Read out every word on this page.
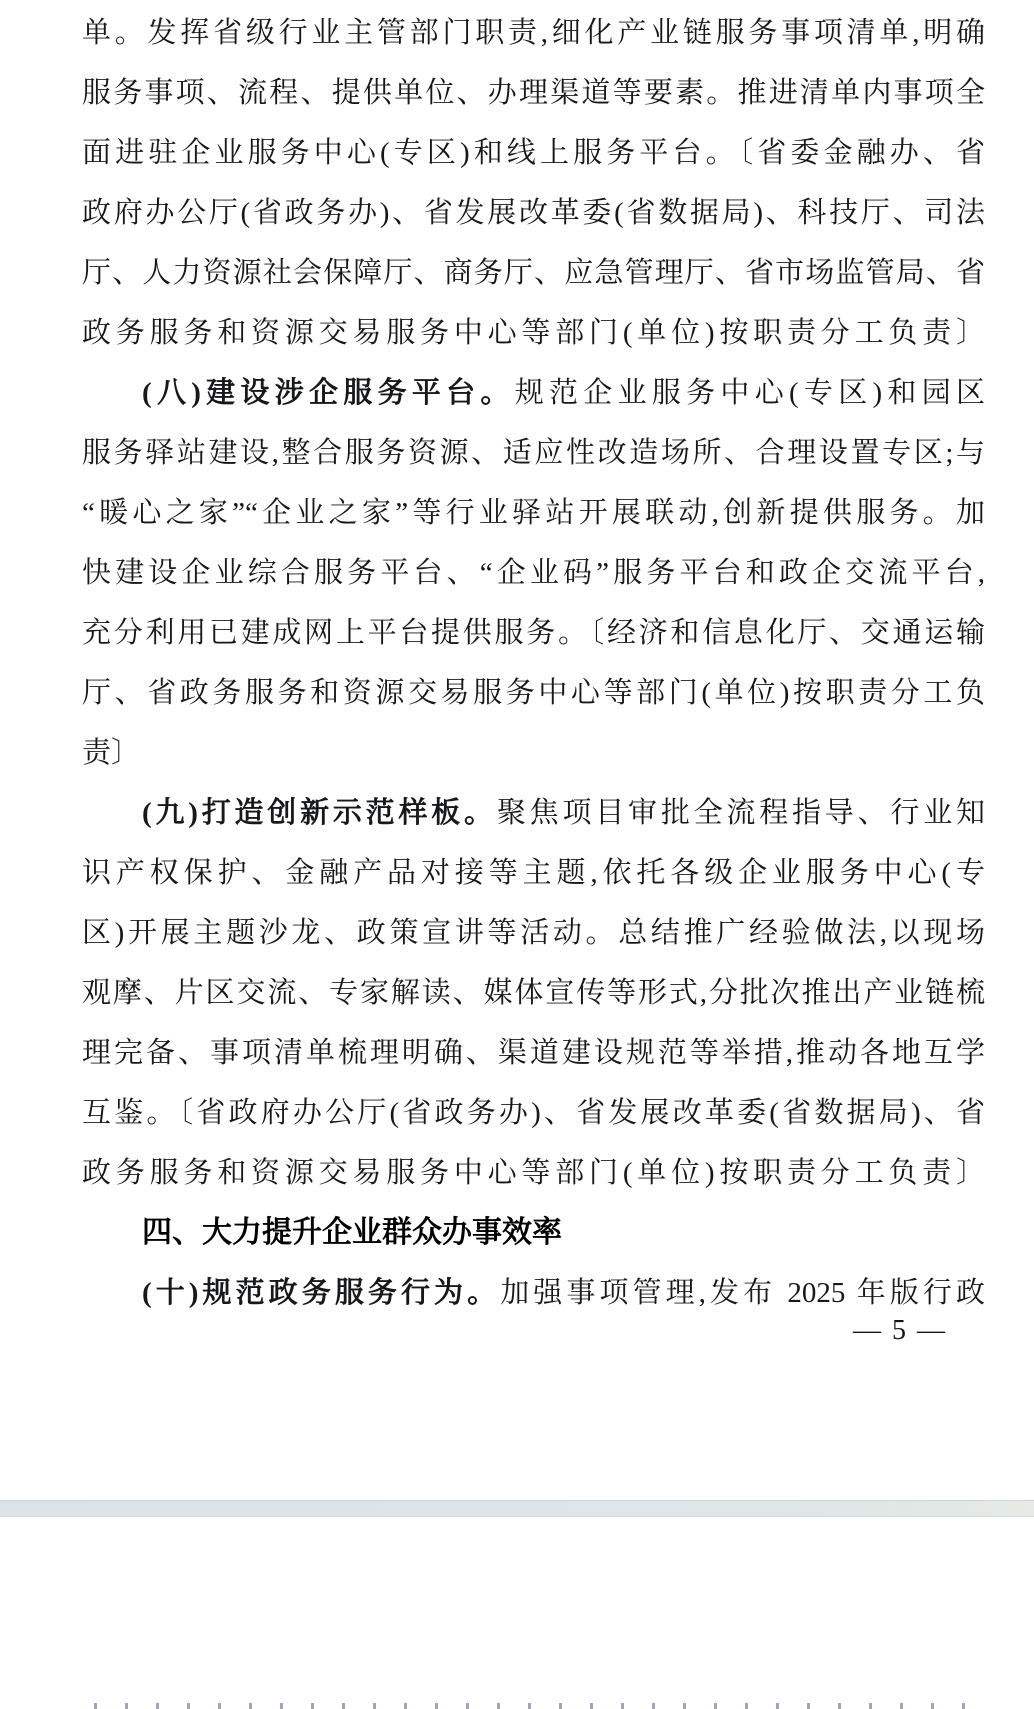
单。发挥省级行业主管部门职责,细化产业链服务事项清单,明确
服务事项、流程、提供单位、办理渠道等要素。推进清单内事项全
面进驻企业服务中心(专区)和线上服务平台。〔省委金融办、省
政府办公厅(省政务办)、省发展改革委(省数据局)、科技厅、司法
厅、人力资源社会保障厅、商务厅、应急管理厅、省市场监管局、省
政务服务和资源交易服务中心等部门(单位)按职责分工负责〕
(八)建设涉企服务平台。规范企业服务中心(专区)和园区
服务驿站建设,整合服务资源、适应性改造场所、合理设置专区;与
“暖心之家”“企业之家”等行业驿站开展联动,创新提供服务。加
快建设企业综合服务平台、“企业码”服务平台和政企交流平台,
充分利用已建成网上平台提供服务。〔经济和信息化厅、交通运输
厅、省政务服务和资源交易服务中心等部门(单位)按职责分工负
责〕
(九)打造创新示范样板。聚焦项目审批全流程指导、行业知
识产权保护、金融产品对接等主题,依托各级企业服务中心(专
区)开展主题沙龙、政策宣讲等活动。总结推广经验做法,以现场
观摩、片区交流、专家解读、媒体宣传等形式,分批次推出产业链梳
理完备、事项清单梳理明确、渠道建设规范等举措,推动各地互学
互鉴。〔省政府办公厅(省政务办)、省发展改革委(省数据局)、省
政务服务和资源交易服务中心等部门(单位)按职责分工负责〕
四、大力提升企业群众办事效率
(十)规范政务服务行为。加强事项管理,发布 2025 年版行政
— 5 —
